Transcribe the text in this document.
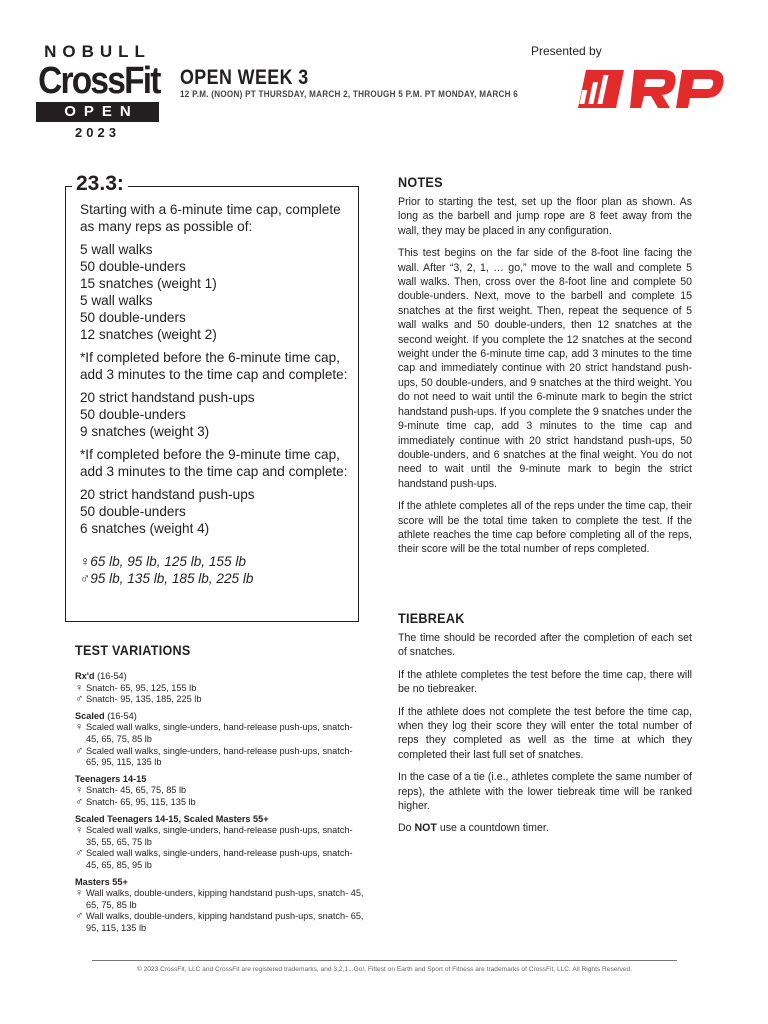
NOBULL
CrossFit
OPEN
2023
OPEN WEEK 3
12 P.M. (NOON) PT THURSDAY, MARCH 2, THROUGH 5 P.M. PT MONDAY, MARCH 6
Presented by
23.3:

Starting with a 6-minute time cap, complete as many reps as possible of:

5 wall walks
50 double-unders
15 snatches (weight 1)
5 wall walks
50 double-unders
12 snatches (weight 2)

*If completed before the 6-minute time cap, add 3 minutes to the time cap and complete:

20 strict handstand push-ups
50 double-unders
9 snatches (weight 3)

*If completed before the 9-minute time cap, add 3 minutes to the time cap and complete:

20 strict handstand push-ups
50 double-unders
6 snatches (weight 4)

♀65 lb, 95 lb, 125 lb, 155 lb
♂95 lb, 135 lb, 185 lb, 225 lb
TEST VARIATIONS
Rx'd (16-54)
♀ Snatch- 65, 95, 125, 155 lb
♂ Snatch- 95, 135, 185, 225 lb
Scaled (16-54)
♀ Scaled wall walks, single-unders, hand-release push-ups, snatch- 45, 65, 75, 85 lb
♂ Scaled wall walks, single-unders, hand-release push-ups, snatch- 65, 95, 115, 135 lb
Teenagers 14-15
♀ Snatch- 45, 65, 75, 85 lb
♂ Snatch- 65, 95, 115, 135 lb
Scaled Teenagers 14-15, Scaled Masters 55+
♀ Scaled wall walks, single-unders, hand-release push-ups, snatch- 35, 55, 65, 75 lb
♂ Scaled wall walks, single-unders, hand-release push-ups, snatch- 45, 65, 85, 95 lb
Masters 55+
♀ Wall walks, double-unders, kipping handstand push-ups, snatch- 45, 65, 75, 85 lb
♂ Wall walks, double-unders, kipping handstand push-ups, snatch- 65, 95, 115, 135 lb
NOTES

Prior to starting the test, set up the floor plan as shown. As long as the barbell and jump rope are 8 feet away from the wall, they may be placed in any configuration.

This test begins on the far side of the 8-foot line facing the wall. After “3, 2, 1, … go,” move to the wall and complete 5 wall walks. Then, cross over the 8-foot line and complete 50 double-unders. Next, move to the barbell and complete 15 snatches at the first weight. Then, repeat the sequence of 5 wall walks and 50 double-unders, then 12 snatches at the second weight. If you complete the 12 snatches at the second weight under the 6-minute time cap, add 3 minutes to the time cap and immediately continue with 20 strict handstand push-ups, 50 double-unders, and 9 snatches at the third weight. You do not need to wait until the 6-minute mark to begin the strict handstand push-ups. If you complete the 9 snatches under the 9-minute time cap, add 3 minutes to the time cap and immediately continue with 20 strict handstand push-ups, 50 double-unders, and 6 snatches at the final weight. You do not need to wait until the 9-minute mark to begin the strict handstand push-ups.

If the athlete completes all of the reps under the time cap, their score will be the total time taken to complete the test. If the athlete reaches the time cap before completing all of the reps, their score will be the total number of reps completed.

TIEBREAK

The time should be recorded after the completion of each set of snatches.

If the athlete completes the test before the time cap, there will be no tiebreaker.

If the athlete does not complete the test before the time cap, when they log their score they will enter the total number of reps they completed as well as the time at which they completed their last full set of snatches.

In the case of a tie (i.e., athletes complete the same number of reps), the athlete with the lower tiebreak time will be ranked higher.

Do NOT use a countdown timer.

© 2023 CrossFit, LLC and CrossFit are registered trademarks, and 3,2,1...Go!, Fittest on Earth and Sport of Fitness are trademarks of CrossFit, LLC. All Rights Reserved.
